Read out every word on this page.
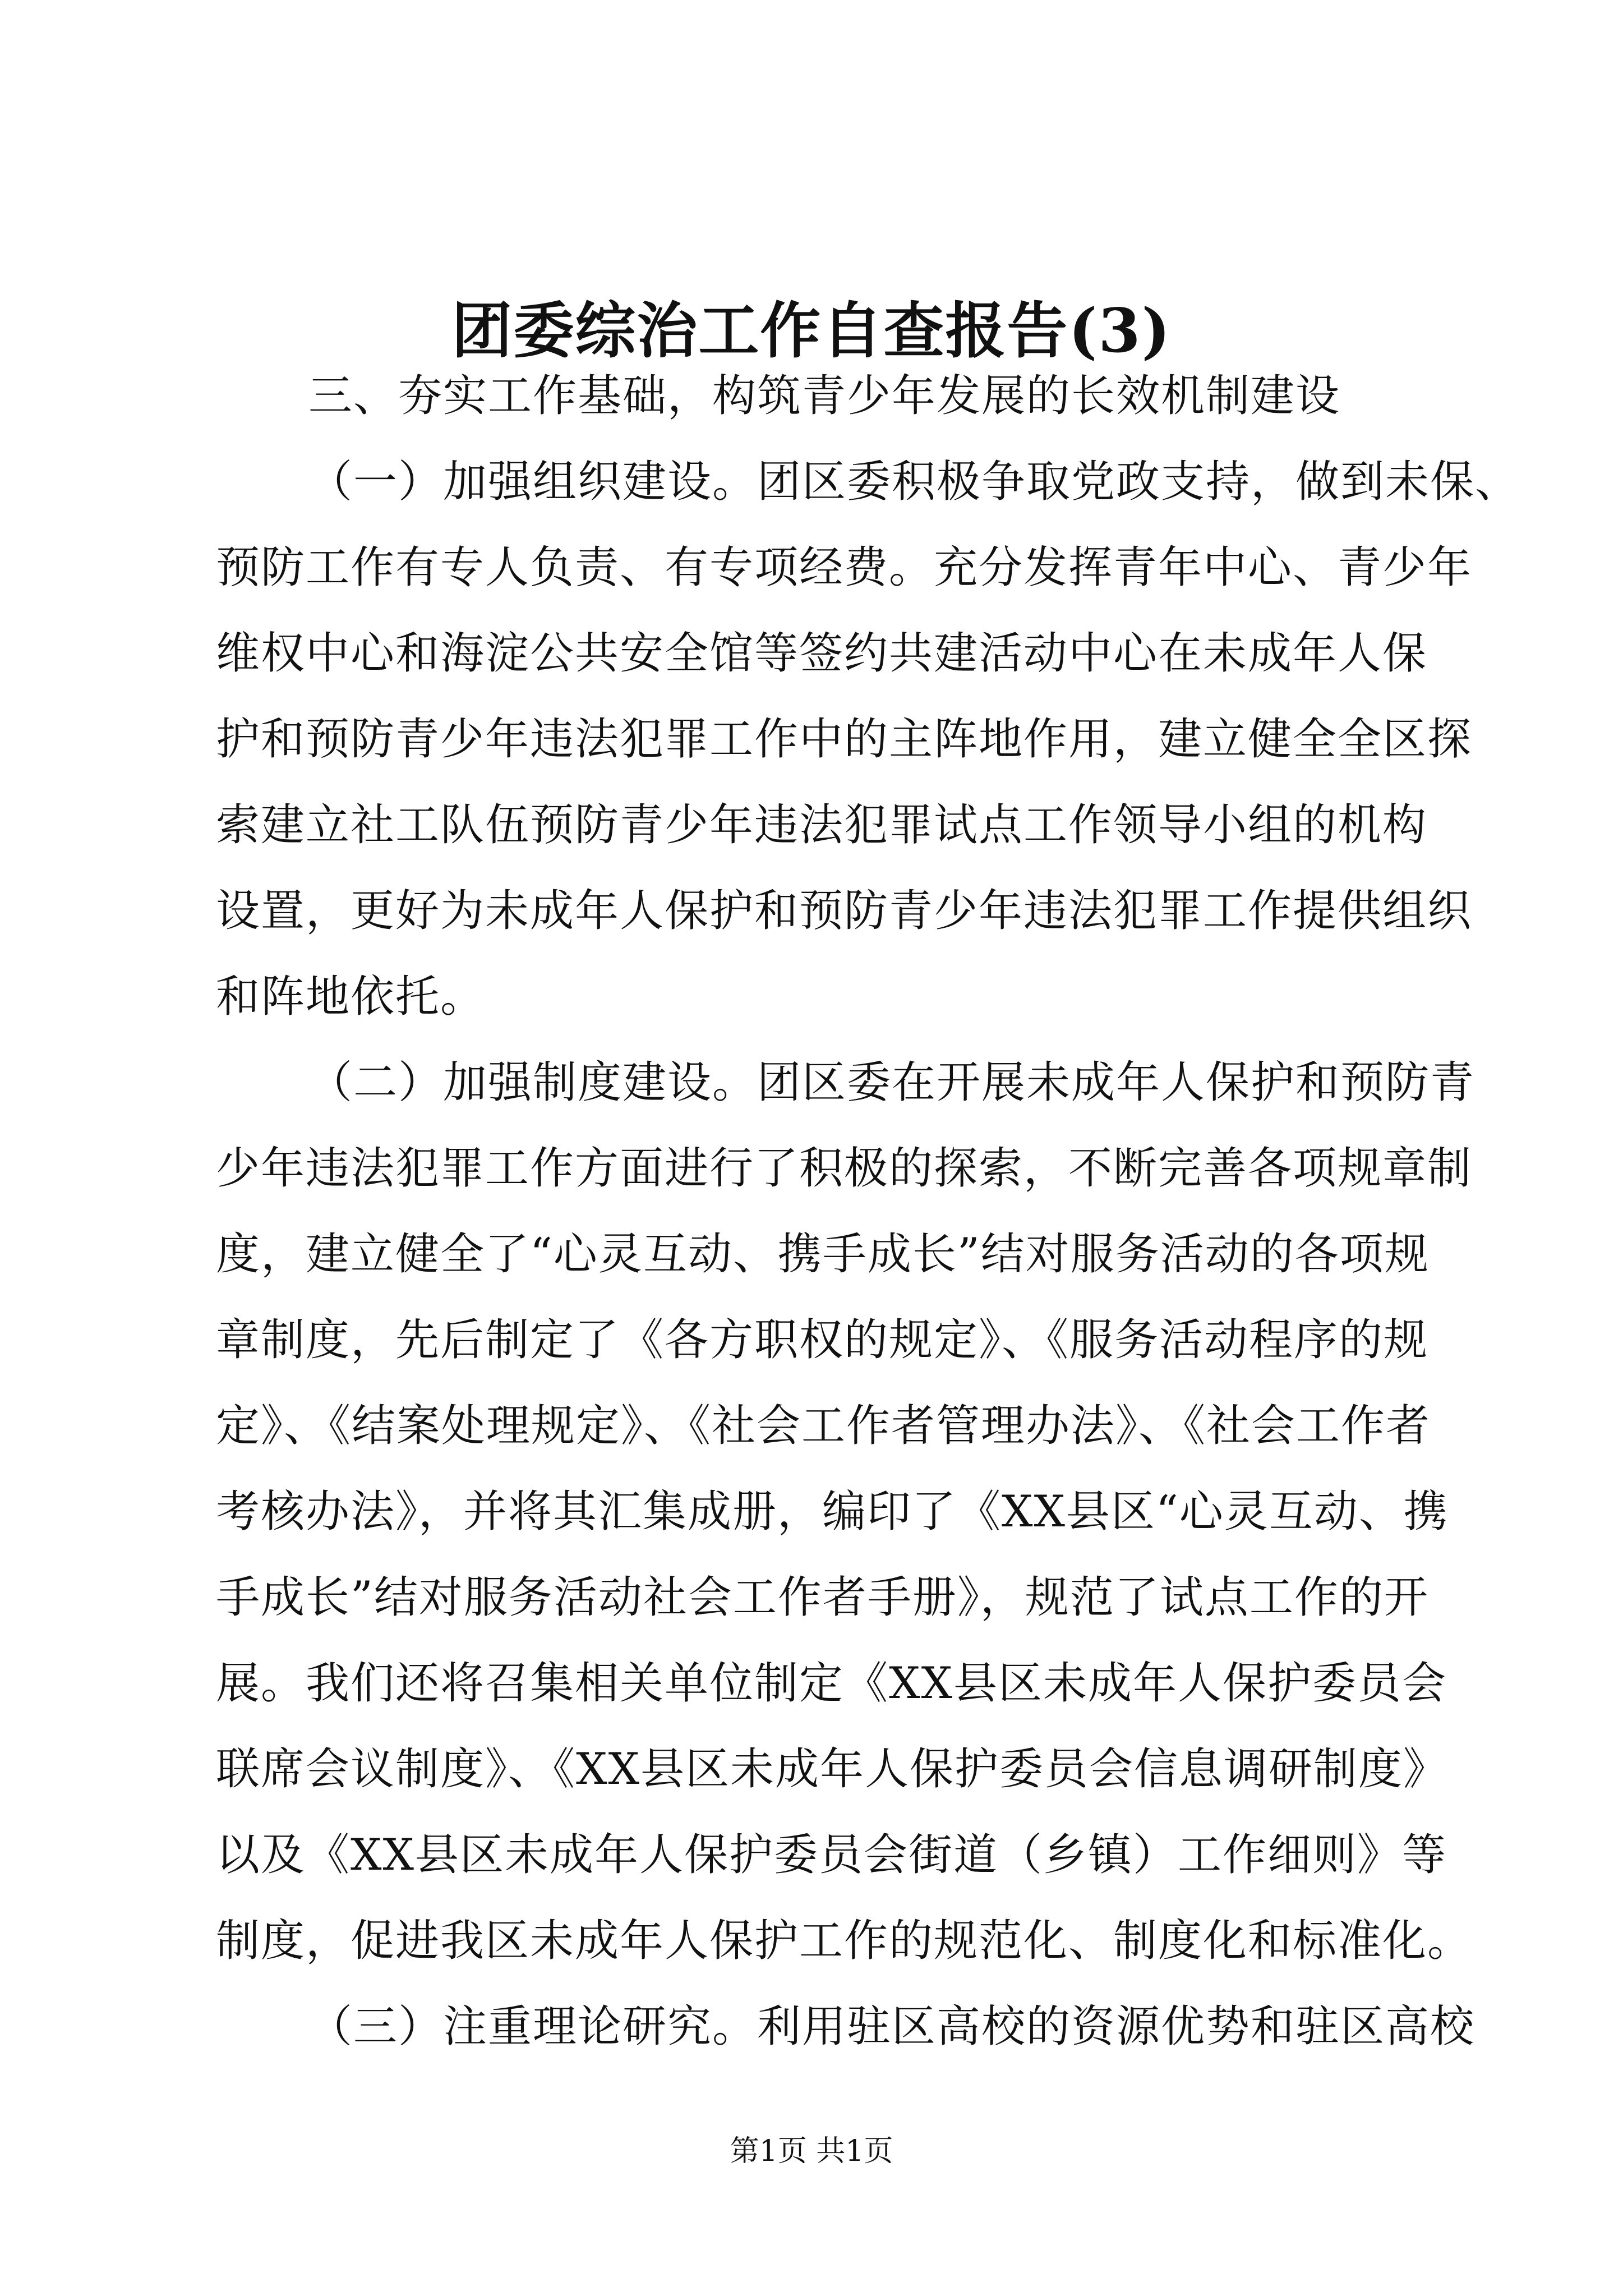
团委综治工作自查报告(3)
三、夯实工作基础，构筑青少年发展的长效机制建设
（一）加强组织建设。团区委积极争取党政支持，做到未保、
预防工作有专人负责、有专项经费。充分发挥青年中心、青少年
维权中心和海淀公共安全馆等签约共建活动中心在未成年人保
护和预防青少年违法犯罪工作中的主阵地作用，建立健全全区探
索建立社工队伍预防青少年违法犯罪试点工作领导小组的机构
设置，更好为未成年人保护和预防青少年违法犯罪工作提供组织
和阵地依托。
（二）加强制度建设。团区委在开展未成年人保护和预防青
少年违法犯罪工作方面进行了积极的探索，不断完善各项规章制
度，建立健全了“心灵互动、携手成长”结对服务活动的各项规
章制度，先后制定了《各方职权的规定》、《服务活动程序的规
定》、《结案处理规定》、《社会工作者管理办法》、《社会工作者
考核办法》，并将其汇集成册，编印了《XX县区“心灵互动、携
手成长”结对服务活动社会工作者手册》，规范了试点工作的开
展。我们还将召集相关单位制定《XX县区未成年人保护委员会
联席会议制度》、《XX县区未成年人保护委员会信息调研制度》
以及《XX县区未成年人保护委员会街道（乡镇）工作细则》等
制度，促进我区未成年人保护工作的规范化、制度化和标准化。
（三）注重理论研究。利用驻区高校的资源优势和驻区高校
第1页 共1页
